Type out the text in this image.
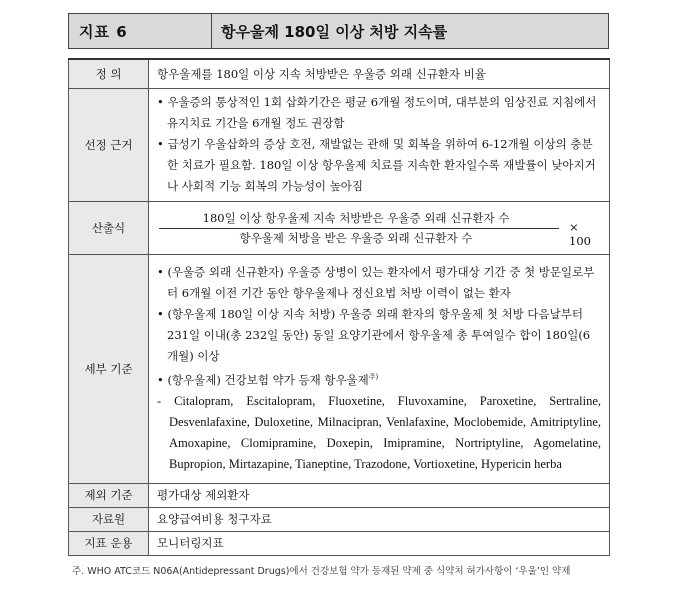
지표 6	항우울제 180일 이상 처방 지속률
정 의	항우울제를 180일 이상 지속 처방받은 우울증 외래 신규환자 비율
선정 근거	• 우울증의 통상적인 1회 삽화기간은 평균 6개월 정도이며, 대부분의 임상진료 지침에서 유지치료 기간을 6개월 정도 권장함
• 급성기 우울삽화의 증상 호전, 재발없는 관해 및 회복을 위하여 6-12개월 이상의 충분한 치료가 필요함. 180일 이상 항우울제 치료를 지속한 환자일수록 재발률이 낮아지거나 사회적 기능 회복의 가능성이 높아짐

산출식	180일 이상 항우울제 지속 처방받은 우울증 외래 신규환자 수
항우울제 처방을 받은 우울증 외래 신규환자 수
× 100

세부 기준	• (우울증 외래 신규환자) 우울증 상병이 있는 환자에서 평가대상 기간 중 첫 방문일로부터 6개월 이전 기간 동안 항우울제나 정신요법 처방 이력이 없는 환자
• (항우울제 180일 이상 지속 처방) 우울증 외래 환자의 항우울제 첫 처방 다음날부터 231일 이내(총 232일 동안) 동일 요양기관에서 항우울제 총 투여일수 합이 180일(6개월) 이상
• (항우울제) 건강보험 약가 등재 항우울제$^{주)}$
- Citalopram, Escitalopram, Fluoxetine, Fluvoxamine, Paroxetine, Sertraline, Desvenlafaxine, Duloxetine, Milnacipran, Venlafaxine, Moclobemide, Amitriptyline, Amoxapine, Clomipramine, Doxepin, Imipramine, Nortriptyline, Agomelatine, Bupropion, Mirtazapine, Tianeptine, Trazodone, Vortioxetine, Hypericin herba

제외 기준	평가대상 제외환자
자료원	요양급여비용 청구자료
지표 운용	모니터링지표
주. WHO ATC코드 N06A(Antidepressant Drugs)에서 건강보험 약가 등재된 약제 중 식약처 허가사항이 ‘우울’인 약제
